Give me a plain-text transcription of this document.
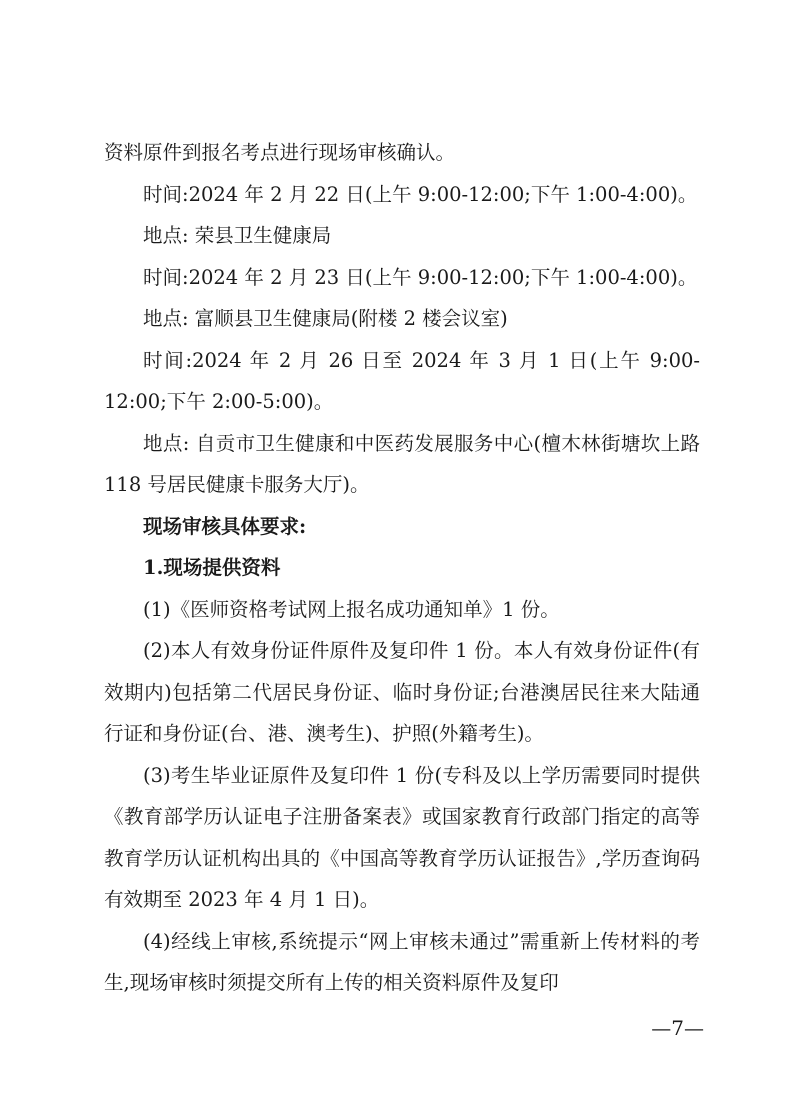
资料原件到报名考点进行现场审核确认。

时间:2024 年 2 月 22 日(上午 9:00-12:00;下午 1:00-4:00)。

地点: 荣县卫生健康局

时间:2024 年 2 月 23 日(上午 9:00-12:00;下午 1:00-4:00)。

地点: 富顺县卫生健康局(附楼 2 楼会议室)

时间:2024 年 2 月 26 日至 2024 年 3 月 1 日(上午 9:00-12:00;下午 2:00-5:00)。

地点: 自贡市卫生健康和中医药发展服务中心(檀木林街塘坎上路 118 号居民健康卡服务大厅)。

现场审核具体要求:

1.现场提供资料

(1)《医师资格考试网上报名成功通知单》1 份。

(2)本人有效身份证件原件及复印件 1 份。本人有效身份证件(有效期内)包括第二代居民身份证、临时身份证;台港澳居民往来大陆通行证和身份证(台、港、澳考生)、护照(外籍考生)。

(3)考生毕业证原件及复印件 1 份(专科及以上学历需要同时提供《教育部学历认证电子注册备案表》或国家教育行政部门指定的高等教育学历认证机构出具的《中国高等教育学历认证报告》,学历查询码有效期至 2023 年 4 月 1 日)。

(4)经线上审核,系统提示“网上审核未通过”需重新上传材料的考生,现场审核时须提交所有上传的相关资料原件及复印

—7—
